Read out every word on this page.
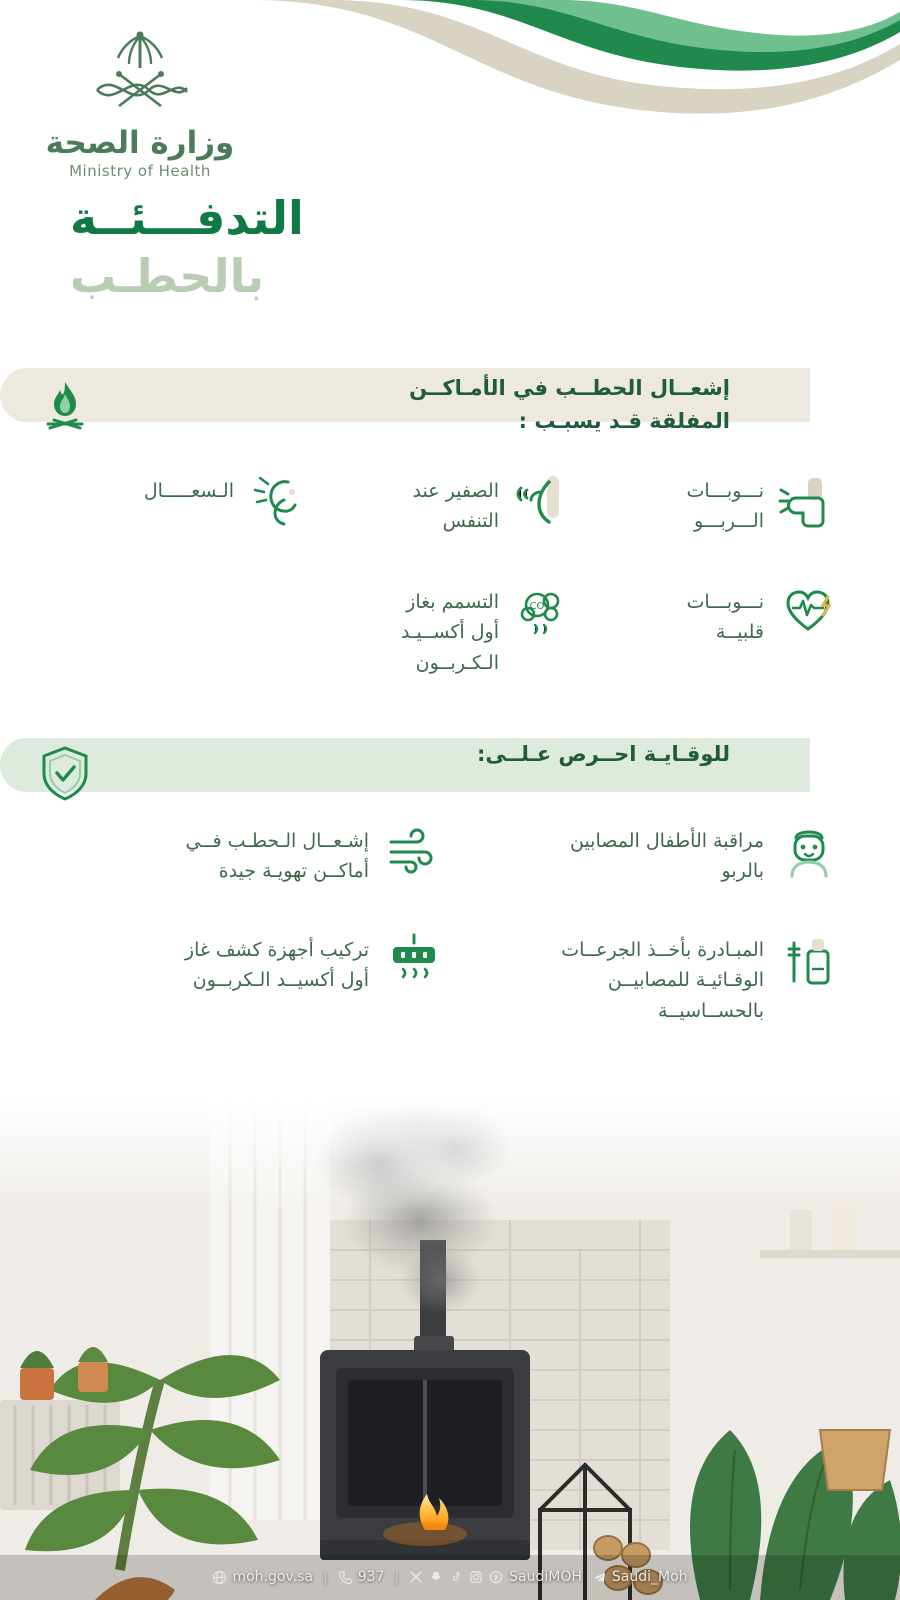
وزارة الصحة
Ministry of Health
التدفـــئــة
بالحطـب
إشعــال الحطــب في الأمـاكــن
المفلقة قـد يسبـب :
نـــوبـــات
الـــربـــو
الصفير عند
التنفس
الـسعـــــال
نـــوبـــات
قلبيــة
CO
التسمم بغاز
أول أكســيـد
الـكـربــون
للوقـايـة احــرص عـلــى:
مراقبة الأطفال المصابين
بالربو
إشـعــال الـحطـب فــي
أماكــن تهويـة جيدة
المبـادرة بأخــذ الجرعــات
الوقـائيـة للمصابيــن
بالحســاسيــة
تركيب أجهزة كشف غاز
أول أكسيــد الـكربــون
moh.gov.sa | 937 |	SaudiMOH Saudi_Moh
